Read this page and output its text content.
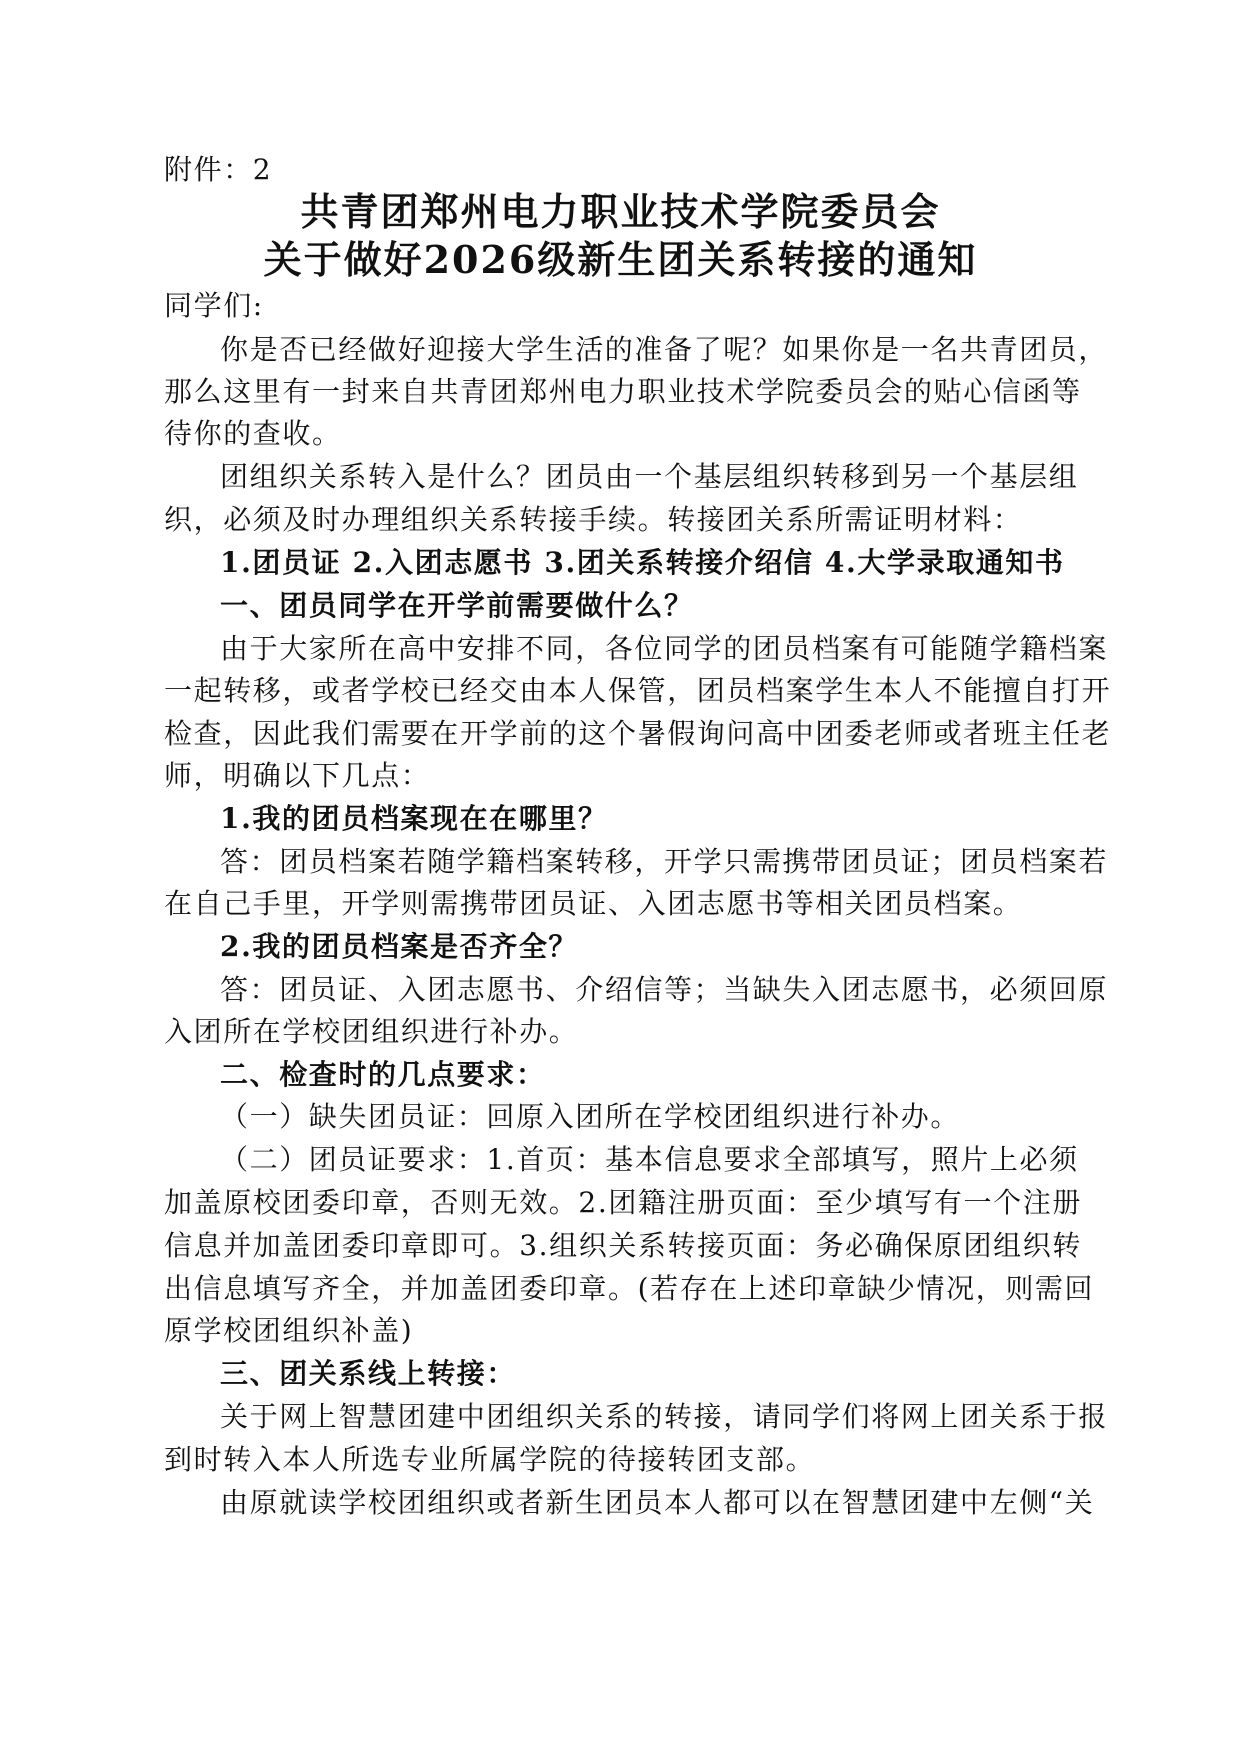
附件：2
共青团郑州电力职业技术学院委员会
关于做好2026级新生团关系转接的通知
同学们:
你是否已经做好迎接大学生活的准备了呢？如果你是一名共青团员，
那么这里有一封来自共青团郑州电力职业技术学院委员会的贴心信函等
待你的查收。
团组织关系转入是什么？团员由一个基层组织转移到另一个基层组
织，必须及时办理组织关系转接手续。转接团关系所需证明材料：
1.团员证 2.入团志愿书 3.团关系转接介绍信 4.大学录取通知书
一、团员同学在开学前需要做什么？
由于大家所在高中安排不同，各位同学的团员档案有可能随学籍档案
一起转移，或者学校已经交由本人保管，团员档案学生本人不能擅自打开
检查，因此我们需要在开学前的这个暑假询问高中团委老师或者班主任老
师，明确以下几点：
1.我的团员档案现在在哪里？
答：团员档案若随学籍档案转移，开学只需携带团员证；团员档案若
在自己手里，开学则需携带团员证、入团志愿书等相关团员档案。
2.我的团员档案是否齐全？
答：团员证、入团志愿书、介绍信等；当缺失入团志愿书，必须回原
入团所在学校团组织进行补办。
二、检查时的几点要求：
（一）缺失团员证：回原入团所在学校团组织进行补办。
（二）团员证要求：1.首页：基本信息要求全部填写，照片上必须
加盖原校团委印章，否则无效。2.团籍注册页面：至少填写有一个注册
信息并加盖团委印章即可。3.组织关系转接页面：务必确保原团组织转
出信息填写齐全，并加盖团委印章。(若存在上述印章缺少情况，则需回
原学校团组织补盖)
三、团关系线上转接：
关于网上智慧团建中团组织关系的转接，请同学们将网上团关系于报
到时转入本人所选专业所属学院的待接转团支部。
由原就读学校团组织或者新生团员本人都可以在智慧团建中左侧“关
